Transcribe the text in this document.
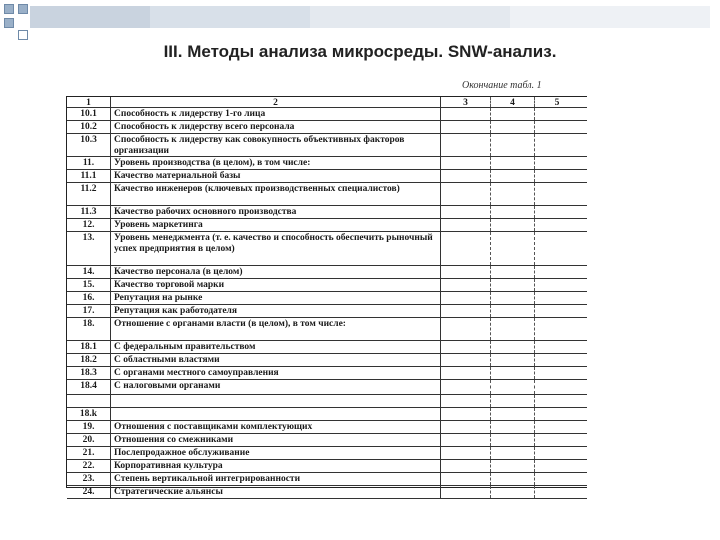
III. Методы анализа микросреды. SNW-анализ.
Окончание табл. 1
1	2	3	4	5
10.1	Способность к лидерству 1-го лица
10.2	Способность к лидерству всего персонала
10.3	Способность к лидерству как совокупность объективных факторов организации
11.	Уровень производства (в целом), в том числе:
11.1	Качество материальной базы
11.2	Качество инженеров (ключевых производственных специалистов)
11.3	Качество рабочих основного производства
12.	Уровень маркетинга
13.	Уровень менеджмента (т. е. качество и способность обеспечить рыночный успех предприятия в целом)
14.	Качество персонала (в целом)
15.	Качество торговой марки
16.	Репутация на рынке
17.	Репутация как работодателя
18.	Отношение с органами власти (в целом), в том числе:
18.1	С федеральным правительством
18.2	С областными властями
18.3	С органами местного самоуправления
18.4	С налоговыми органами
18.k
19.	Отношения с поставщиками комплектующих
20.	Отношения со смежниками
21.	Послепродажное обслуживание
22.	Корпоративная культура
23.	Степень вертикальной интегрированности
24.	Стратегические альянсы
